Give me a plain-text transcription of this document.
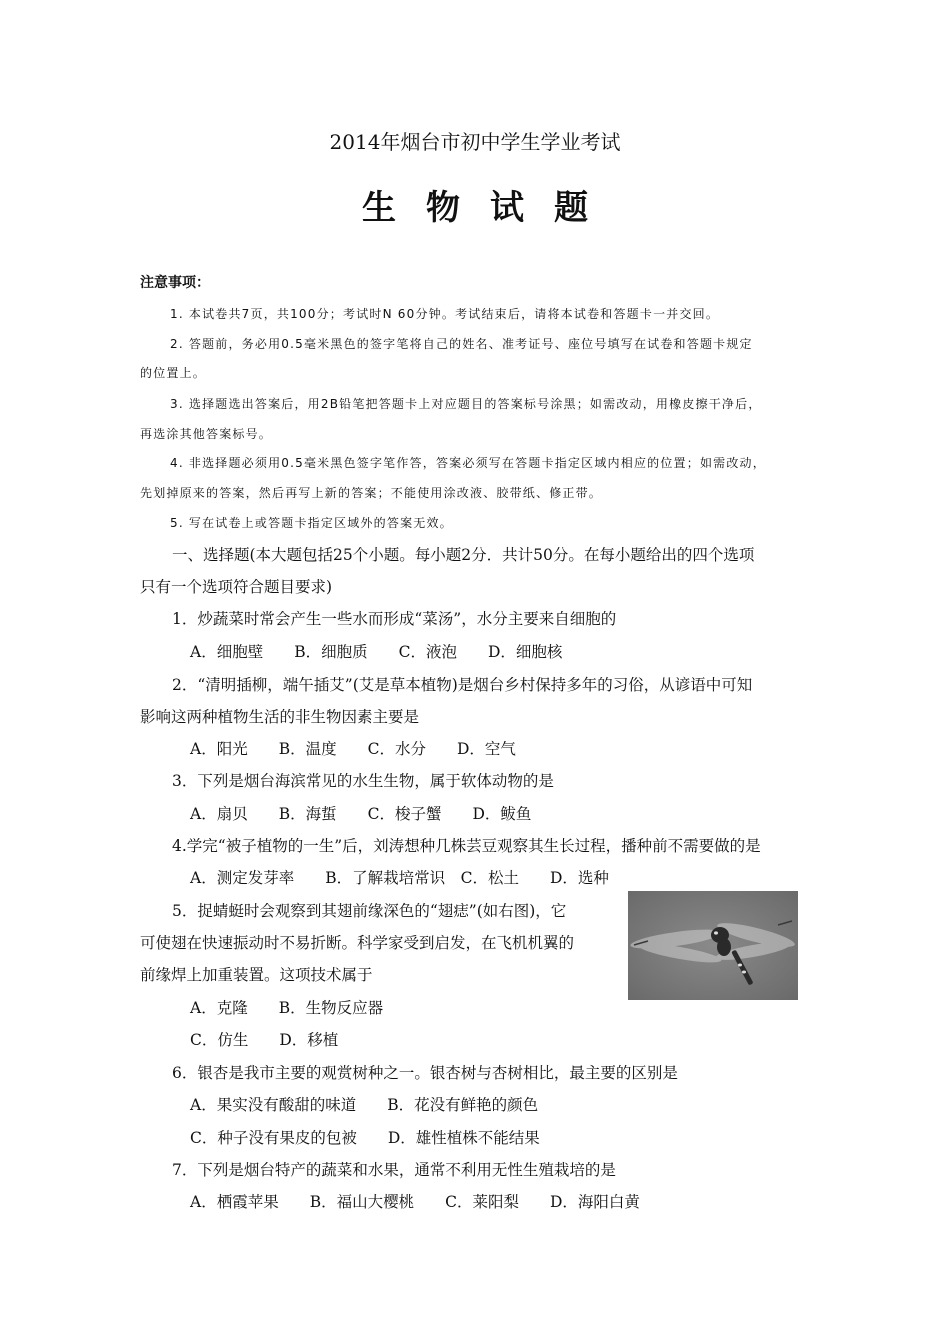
2014年烟台市初中学生学业考试
生物试题
注意事项：
1. 本试卷共7页，共100分；考试时N 60分钟。考试结束后，请将本试卷和答题卡一并交回。
2. 答题前，务必用0.5毫米黑色的签字笔将自己的姓名、准考证号、座位号填写在试卷和答题卡规定
的位置上。
3. 选择题选出答案后，用2B铅笔把答题卡上对应题目的答案标号涂黑；如需改动，用橡皮擦干净后，
再选涂其他答案标号。
4. 非选择题必须用0.5毫米黑色签字笔作答，答案必须写在答题卡指定区域内相应的位置；如需改动，
先划掉原来的答案，然后再写上新的答案；不能使用涂改液、胶带纸、修正带。
5. 写在试卷上或答题卡指定区域外的答案无效。
一、选择题(本大题包括25个小题。每小题2分．共计50分。在每小题给出的四个选项
只有一个选项符合题目要求)
1．炒蔬菜时常会产生一些水而形成“菜汤”，水分主要来自细胞的
A．细胞壁　　B．细胞质　　C．液泡　　D．细胞核
2．“清明插柳，端午插艾”(艾是草本植物)是烟台乡村保持多年的习俗，从谚语中可知
影响这两种植物生活的非生物因素主要是
A．阳光　　B．温度　　C．水分　　D．空气
3．下列是烟台海滨常见的水生生物，属于软体动物的是
A．扇贝　　B．海蜇　　C．梭子蟹　　D．鲅鱼
4.学完“被子植物的一生”后，刘涛想种几株芸豆观察其生长过程，播种前不需要做的是
A．测定发芽率　　B．了解栽培常识　C．松土　　D．选种
5．捉蜻蜓时会观察到其翅前缘深色的“翅痣”(如右图)，它
可使翅在快速振动时不易折断。科学家受到启发，在飞机机翼的
前缘焊上加重装置。这项技术属于
A．克隆　　B．生物反应器
C．仿生　　D．移植
6．银杏是我市主要的观赏树种之一。银杏树与杏树相比，最主要的区别是
A．果实没有酸甜的味道　　B．花没有鲜艳的颜色
C．种子没有果皮的包被　　D．雄性植株不能结果
7．下列是烟台特产的蔬菜和水果，通常不利用无性生殖栽培的是
A．栖霞苹果　　B．福山大樱桃　　C．莱阳梨　　D．海阳白黄
